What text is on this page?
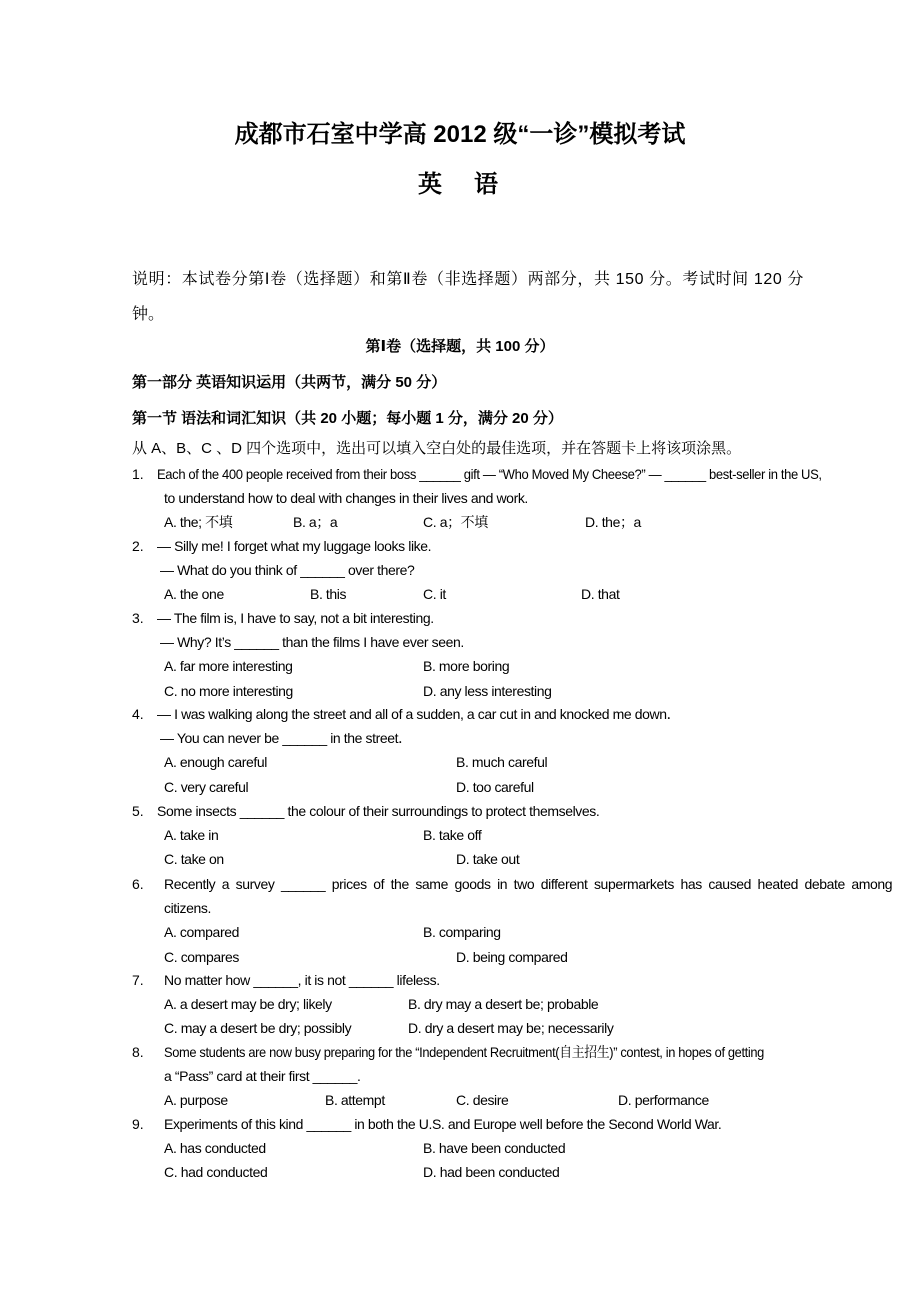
成都市石室中学高 2012 级“一诊”模拟考试
英　语
说明：本试卷分第Ⅰ卷（选择题）和第Ⅱ卷（非选择题）两部分，共 150 分。考试时间 120 分
钟。
第Ⅰ卷（选择题，共 100 分）
第一部分 英语知识运用（共两节，满分 50 分）
第一节 语法和词汇知识（共 20 小题；每小题 1 分，满分 20 分）
从 A、B、C 、D 四个选项中，选出可以填入空白处的最佳选项，并在答题卡上将该项涂黑。
1. Each of the 400 people received from their boss ______ gift — “Who Moved My Cheese?” — ______ best-seller in the US,
to understand how to deal with changes in their lives and work.
A. the; 不填	B. a；a	C. a；不填	D. the；a
2. — Silly me! I forget what my luggage looks like.
— What do you think of ______ over there?
A. the one	B. this	C. it	D. that
3. — The film is, I have to say, not a bit interesting.
— Why? It’s ______ than the films I have ever seen.
A. far more interesting	B. more boring
C. no more interesting	D. any less interesting
4. — I was walking along the street and all of a sudden, a car cut in and knocked me down．
— You can never be ______ in the street．
A. enough careful	B. much careful
C. very careful	D. too careful
5. Some insects ______ the colour of their surroundings to protect themselves.
A. take in	B. take off
C. take on	D. take out
6. Recently a survey ______ prices of the same goods in two different supermarkets has caused heated debate among
citizens.
A. compared	B. comparing
C. compares	D. being compared
7. No matter how ______, it is not ______ lifeless.
A. a desert may be dry; likely	B. dry may a desert be; probable
C. may a desert be dry; possibly	D. dry a desert may be; necessarily
8. Some students are now busy preparing for the “Independent Recruitment(自主招生)” contest, in hopes of getting
a “Pass” card at their first ______.
A. purpose	B. attempt	C. desire	D. performance
9. Experiments of this kind ______ in both the U.S. and Europe well before the Second World War.
A. has conducted	B. have been conducted
C. had conducted	D. had been conducted
